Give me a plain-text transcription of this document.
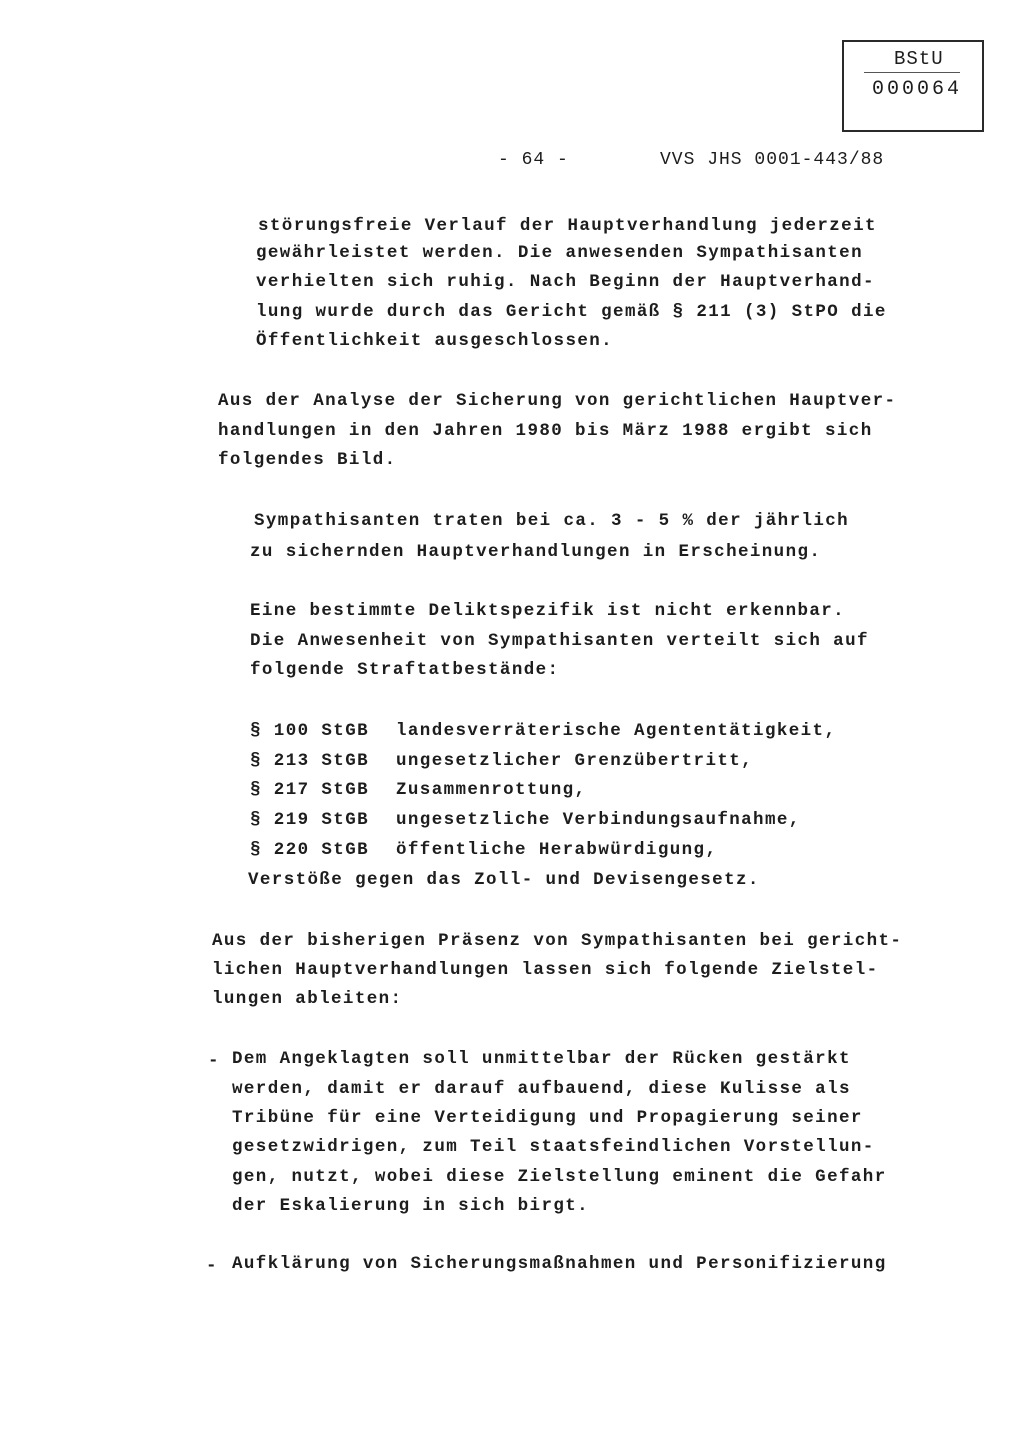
BStU
000064
- 64 -	VVS JHS 0001-443/88
störungsfreie Verlauf der Hauptverhandlung jederzeit
gewährleistet werden. Die anwesenden Sympathisanten
verhielten sich ruhig. Nach Beginn der Hauptverhand-
lung wurde durch das Gericht gemäß § 211 (3) StPO die
Öffentlichkeit ausgeschlossen.
Aus der Analyse der Sicherung von gerichtlichen Hauptver-
handlungen in den Jahren 1980 bis März 1988 ergibt sich
folgendes Bild.
Sympathisanten traten bei ca. 3 - 5 % der jährlich
zu sichernden Hauptverhandlungen in Erscheinung.
Eine bestimmte Deliktspezifik ist nicht erkennbar.
Die Anwesenheit von Sympathisanten verteilt sich auf
folgende Straftatbestände:
§ 100 StGB landesverräterische Agententätigkeit,
§ 213 StGB ungesetzlicher Grenzübertritt,
§ 217 StGB Zusammenrottung,
§ 219 StGB ungesetzliche Verbindungsaufnahme,
§ 220 StGB öffentliche Herabwürdigung,
Verstöße gegen das Zoll- und Devisengesetz.
Aus der bisherigen Präsenz von Sympathisanten bei gericht-
lichen Hauptverhandlungen lassen sich folgende Zielstel-
lungen ableiten:
- Dem Angeklagten soll unmittelbar der Rücken gestärkt
werden, damit er darauf aufbauend, diese Kulisse als
Tribüne für eine Verteidigung und Propagierung seiner
gesetzwidrigen, zum Teil staatsfeindlichen Vorstellun-
gen, nutzt, wobei diese Zielstellung eminent die Gefahr
der Eskalierung in sich birgt.
- Aufklärung von Sicherungsmaßnahmen und Personifizierung
